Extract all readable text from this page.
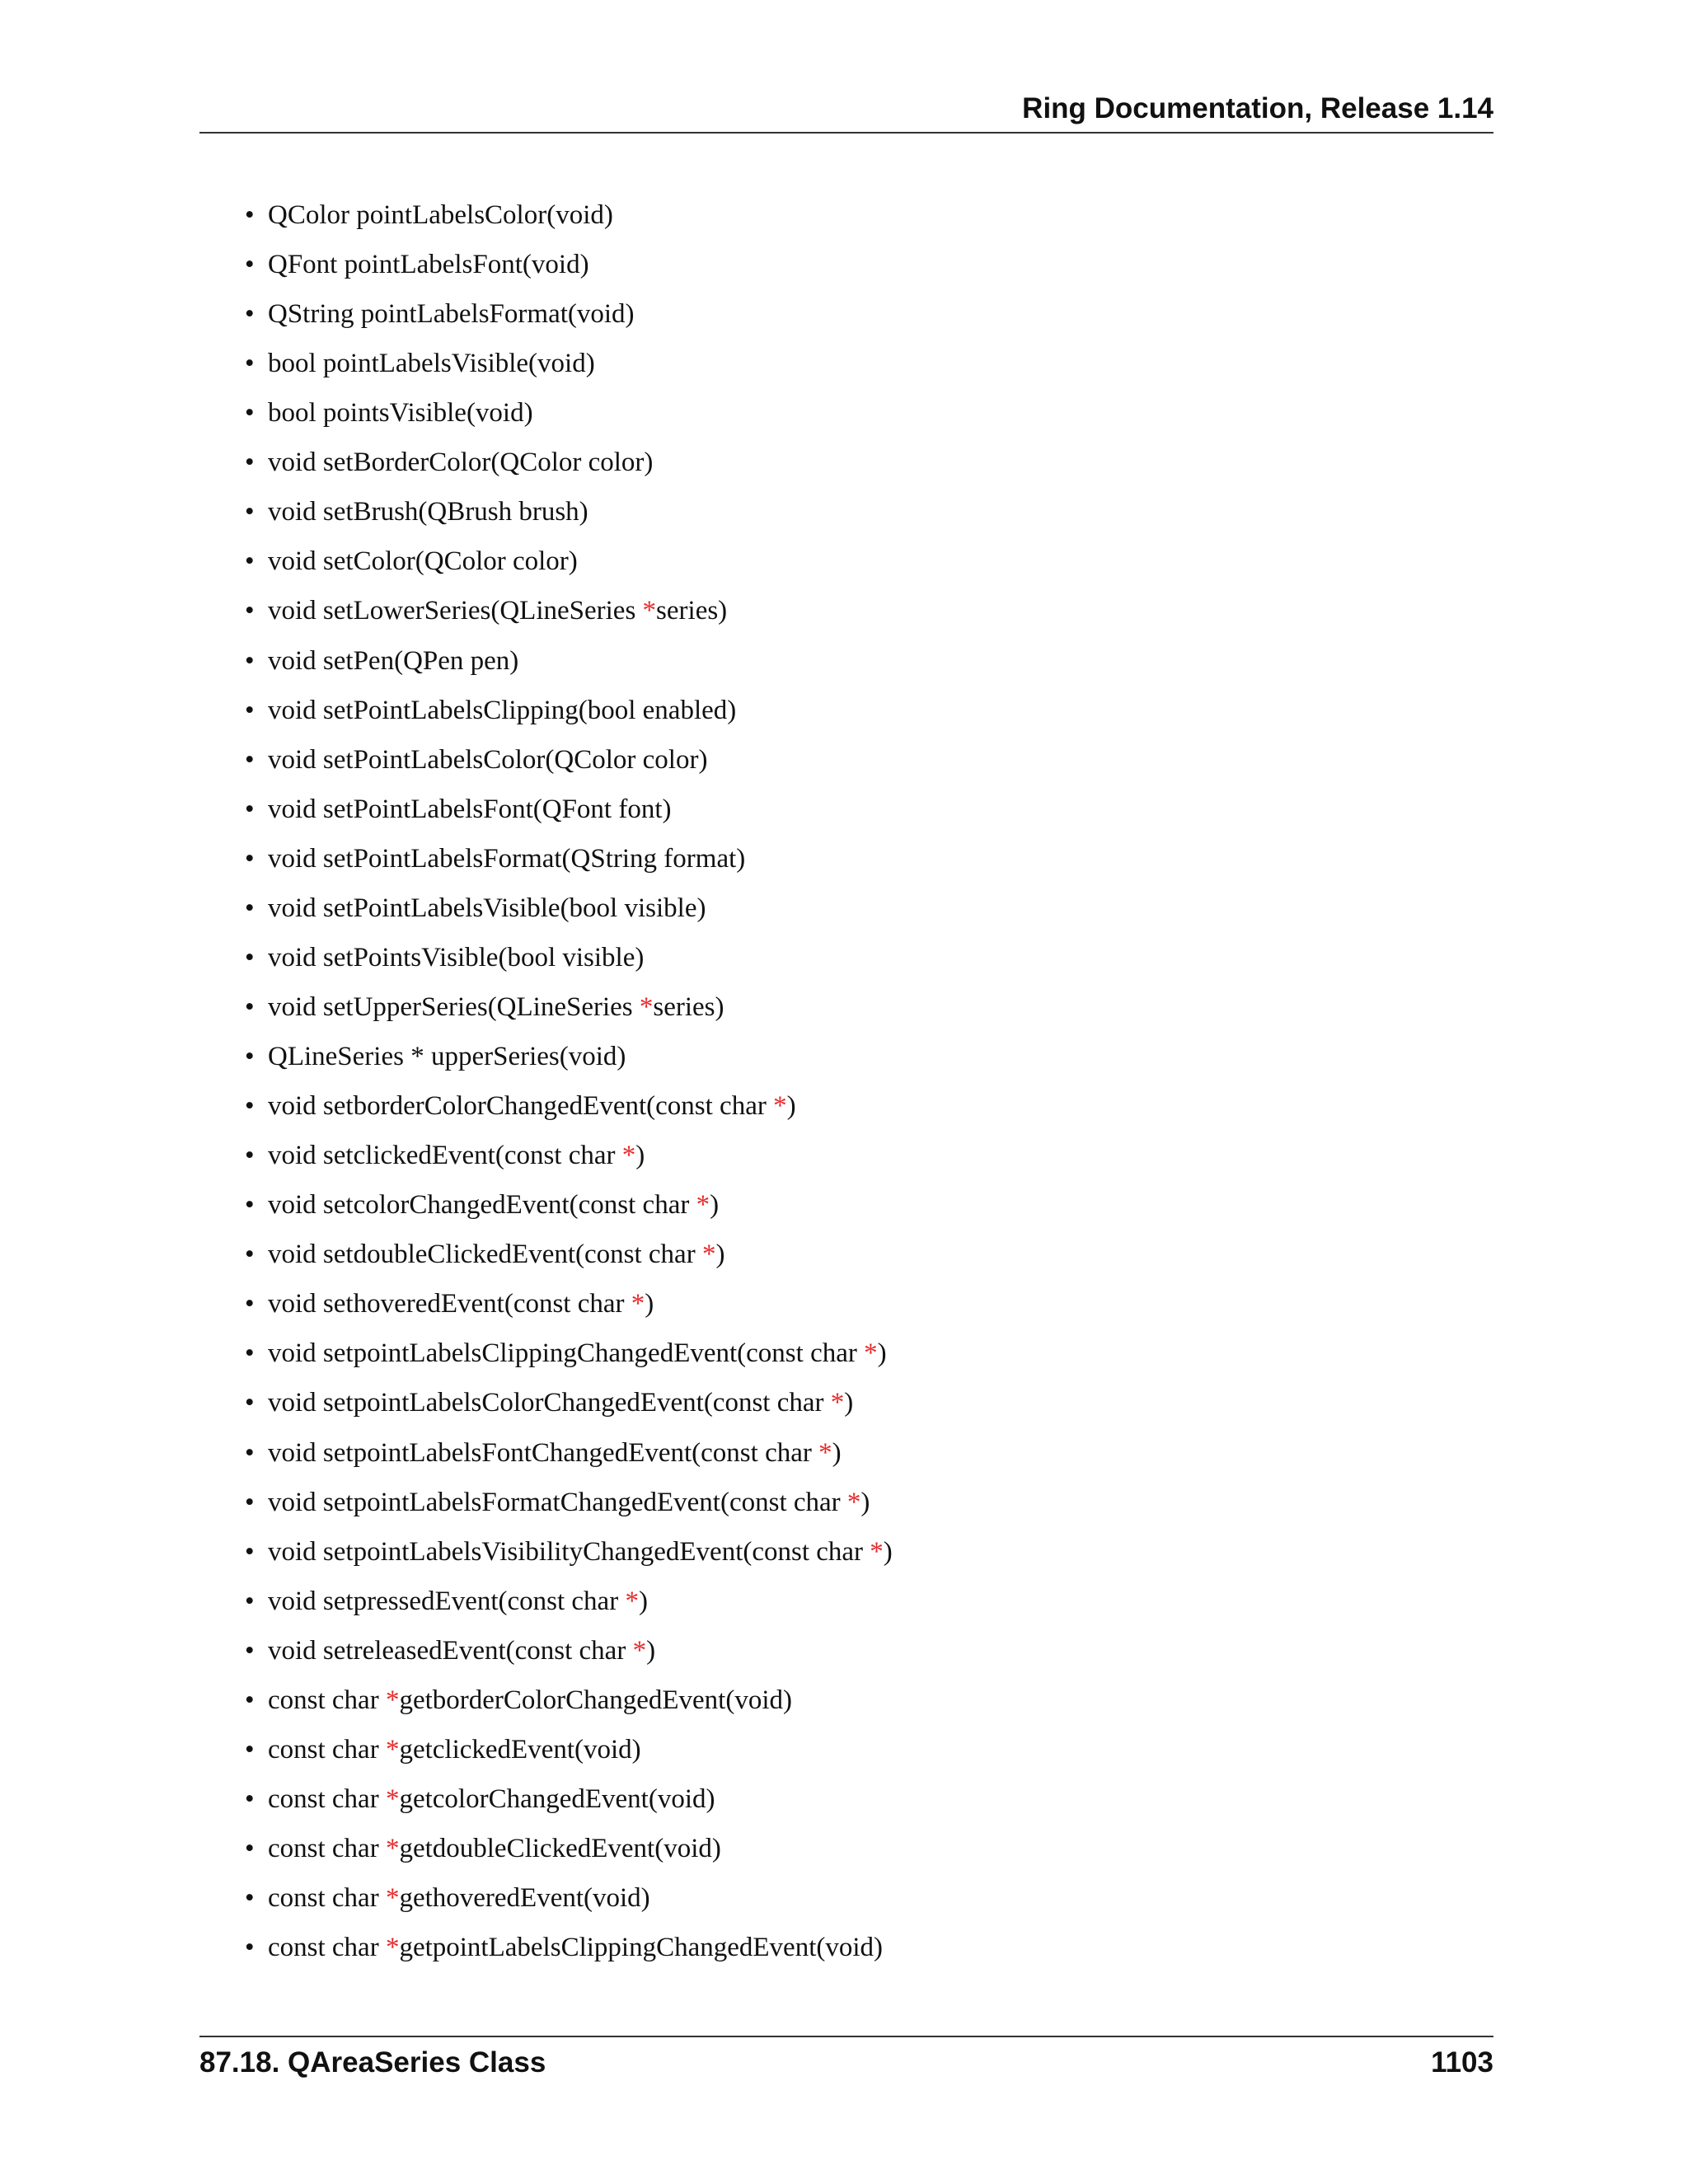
Ring Documentation, Release 1.14
• QColor pointLabelsColor(void)
• QFont pointLabelsFont(void)
• QString pointLabelsFormat(void)
• bool pointLabelsVisible(void)
• bool pointsVisible(void)
• void setBorderColor(QColor color)
• void setBrush(QBrush brush)
• void setColor(QColor color)
• void setLowerSeries(QLineSeries *series)
• void setPen(QPen pen)
• void setPointLabelsClipping(bool enabled)
• void setPointLabelsColor(QColor color)
• void setPointLabelsFont(QFont font)
• void setPointLabelsFormat(QString format)
• void setPointLabelsVisible(bool visible)
• void setPointsVisible(bool visible)
• void setUpperSeries(QLineSeries *series)
• QLineSeries * upperSeries(void)
• void setborderColorChangedEvent(const char *)
• void setclickedEvent(const char *)
• void setcolorChangedEvent(const char *)
• void setdoubleClickedEvent(const char *)
• void sethoveredEvent(const char *)
• void setpointLabelsClippingChangedEvent(const char *)
• void setpointLabelsColorChangedEvent(const char *)
• void setpointLabelsFontChangedEvent(const char *)
• void setpointLabelsFormatChangedEvent(const char *)
• void setpointLabelsVisibilityChangedEvent(const char *)
• void setpressedEvent(const char *)
• void setreleasedEvent(const char *)
• const char *getborderColorChangedEvent(void)
• const char *getclickedEvent(void)
• const char *getcolorChangedEvent(void)
• const char *getdoubleClickedEvent(void)
• const char *gethoveredEvent(void)
• const char *getpointLabelsClippingChangedEvent(void)
87.18. QAreaSeries Class	1103
